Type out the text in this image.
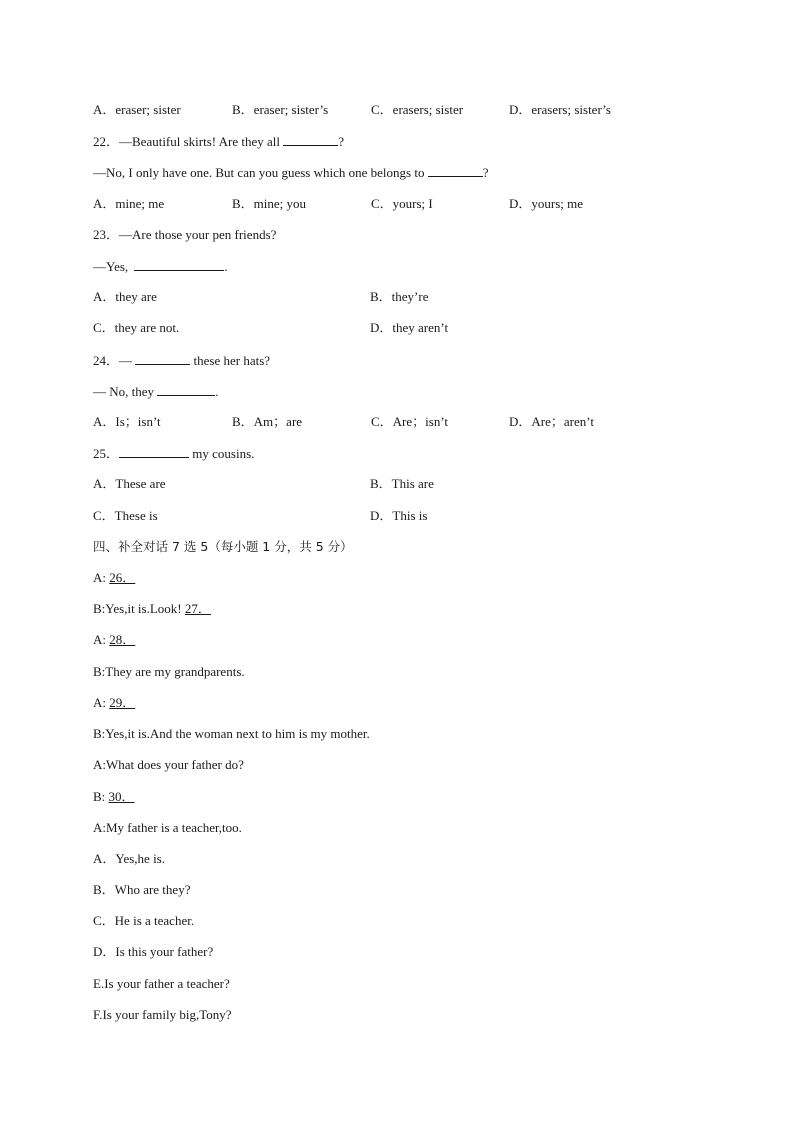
A．eraser; sister	B．eraser; sister’s	C．erasers; sister	D．erasers; sister’s
22．—Beautiful skirts! Are they all	?
—No, I only have one. But can you guess which one belongs to	?
A．mine; me	B．mine; you	C．yours; I	D．yours; me
23．—Are those your pen friends?
—Yes,	.
A．they are	B．they’re
C．they are not.	D．they aren’t
24．—	these her hats?
— No, they	.
A．Is；isn’t	B．Am；are	C．Are；isn’t	D．Are；aren’t
25．	my cousins.
A．These are	B．This are
C．These is	D．This is
四、补全对话 7 选 5（每小题 1 分，共 5 分）
A: 26．
B:Yes,it is.Look! 27．
A: 28．
B:They are my grandparents.
A: 29．
B:Yes,it is.And the woman next to him is my mother.
A:What does your father do?
B: 30．
A:My father is a teacher,too.
A．Yes,he is.
B．Who are they?
C．He is a teacher.
D．Is this your father?
E.Is your father a teacher?
F.Is your family big,Tony?
